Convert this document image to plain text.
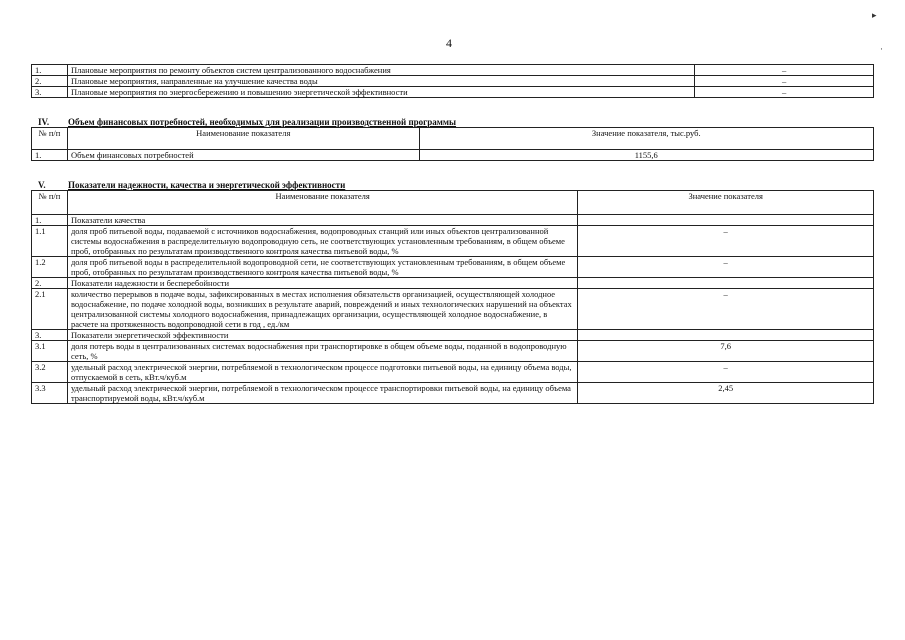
4
▸
·
1.	Плановые мероприятия по ремонту объектов систем централизованного водоснабжения	–
2.	Плановые мероприятия, направленные на улучшение качества воды	–
3.	Плановые мероприятия по энергосбережению и повышению энергетической эффективности	–
IV. Объем финансовых потребностей, необходимых для реализации производственной программы
№ п/п	Наименование показателя	Значение показателя, тыс.руб.
1.	Объем финансовых потребностей	1155,6
V. Показатели надежности, качества и энергетической эффективности
№ п/п	Наименование показателя	Значение показателя
1.	Показатели качества	
1.1	доля проб питьевой воды, подаваемой с источников водоснабжения, водопроводных станций или иных объектов централизованной системы водоснабжения в распределительную водопроводную сеть, не соответствующих установленным требованиям, в общем объеме проб, отобранных по результатам производственного контроля качества питьевой воды, %	–
1.2	доля проб питьевой воды в распределительной водопроводной сети, не соответствующих установленным требованиям, в общем объеме проб, отобранных по результатам производственного контроля качества питьевой воды, %	–
2.	Показатели надежности и бесперебойности	
2.1	количество перерывов в подаче воды, зафиксированных в местах исполнения обязательств организацией, осуществляющей холодное водоснабжение, по подаче холодной воды, возникших в результате аварий, повреждений и иных технологических нарушений на объектах централизованной системы холодного водоснабжения, принадлежащих организации, осуществляющей холодное водоснабжение, в расчете на протяженность водопроводной сети в год , ед./км	–
3.	Показатели энергетической эффективности	
3.1	доля потерь воды в централизованных системах водоснабжения при транспортировке в общем объеме воды, поданной в водопроводную сеть, %	7,6
3.2	удельный расход электрической энергии, потребляемой в технологическом процессе подготовки питьевой воды, на единицу объема воды, отпускаемой в сеть, кВт.ч/куб.м	–
3.3	удельный расход электрической энергии, потребляемой в технологическом процессе транспортировки питьевой воды, на единицу объема транспортируемой воды, кВт.ч/куб.м	2,45
